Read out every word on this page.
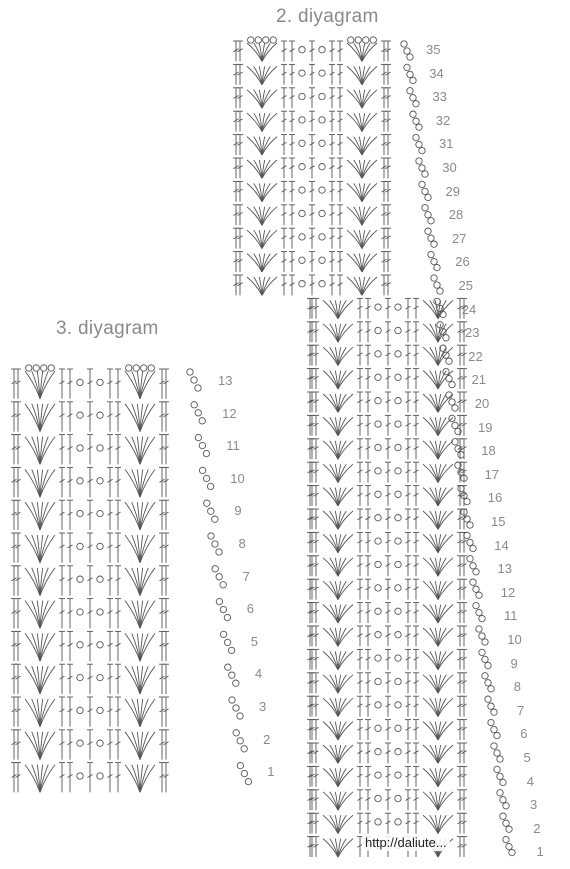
2. diyagram
3. diyagram
35
34
33
32
31
30
29
28
27
26
25
24
23
22
21
20
19
18
17
16
15
14
13
12
11
10
9
8
7
6
5
4
3
2
1
13
12
11
10
9
8
7
6
5
4
3
2
1
http://daliute...
